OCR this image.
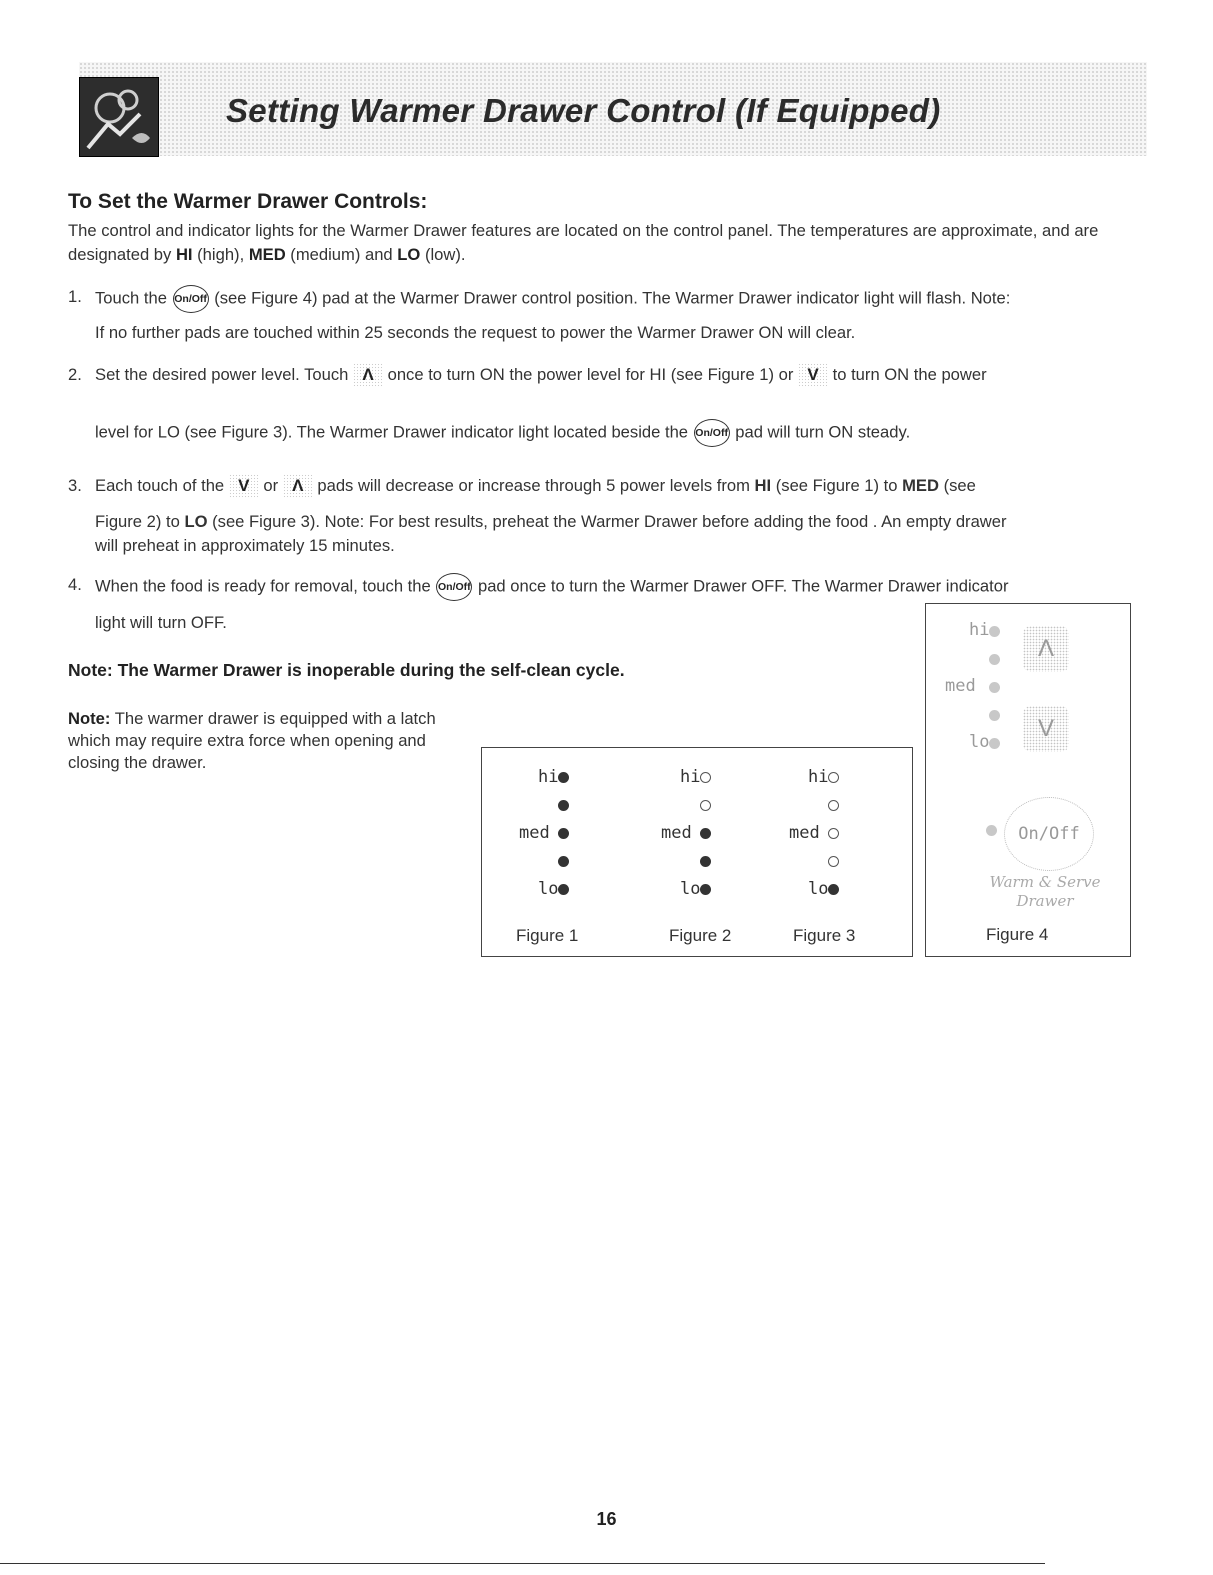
Setting Warmer Drawer Control (If Equipped)
To Set the Warmer Drawer Controls:
The control and indicator lights for the Warmer Drawer features are located on the control panel. The temperatures are approximate, and are designated by HI (high), MED (medium) and LO (low).
1. Touch the On/Off (see Figure 4) pad at the Warmer Drawer control position. The Warmer Drawer indicator light will flash. Note:
If no further pads are touched within 25 seconds the request to power the Warmer Drawer ON will clear.
2. Set the desired power level. Touch Λ once to turn ON the power level for HI (see Figure 1) or V to turn ON the power
level for LO (see Figure 3). The Warmer Drawer indicator light located beside the On/Off pad will turn ON steady.
3. Each touch of the V or Λ pads will decrease or increase through 5 power levels from HI (see Figure 1) to MED (see
Figure 2) to LO (see Figure 3). Note: For best results, preheat the Warmer Drawer before adding the food . An empty drawer
will preheat in approximately 15 minutes.
4. When the food is ready for removal, touch the On/Off pad once to turn the Warmer Drawer OFF. The Warmer Drawer indicator
light will turn OFF.
Note: The Warmer Drawer is inoperable during the self-clean cycle.
Note: The warmer drawer is equipped with a latch which may require extra force when opening and closing the drawer.
hi
med
lo
Figure 1
hi
med
lo
Figure 2
hi
med
lo
Figure 3
hi
med
lo
Λ
V
Figure 4
On/Off
Warm & Serve
Drawer
16
